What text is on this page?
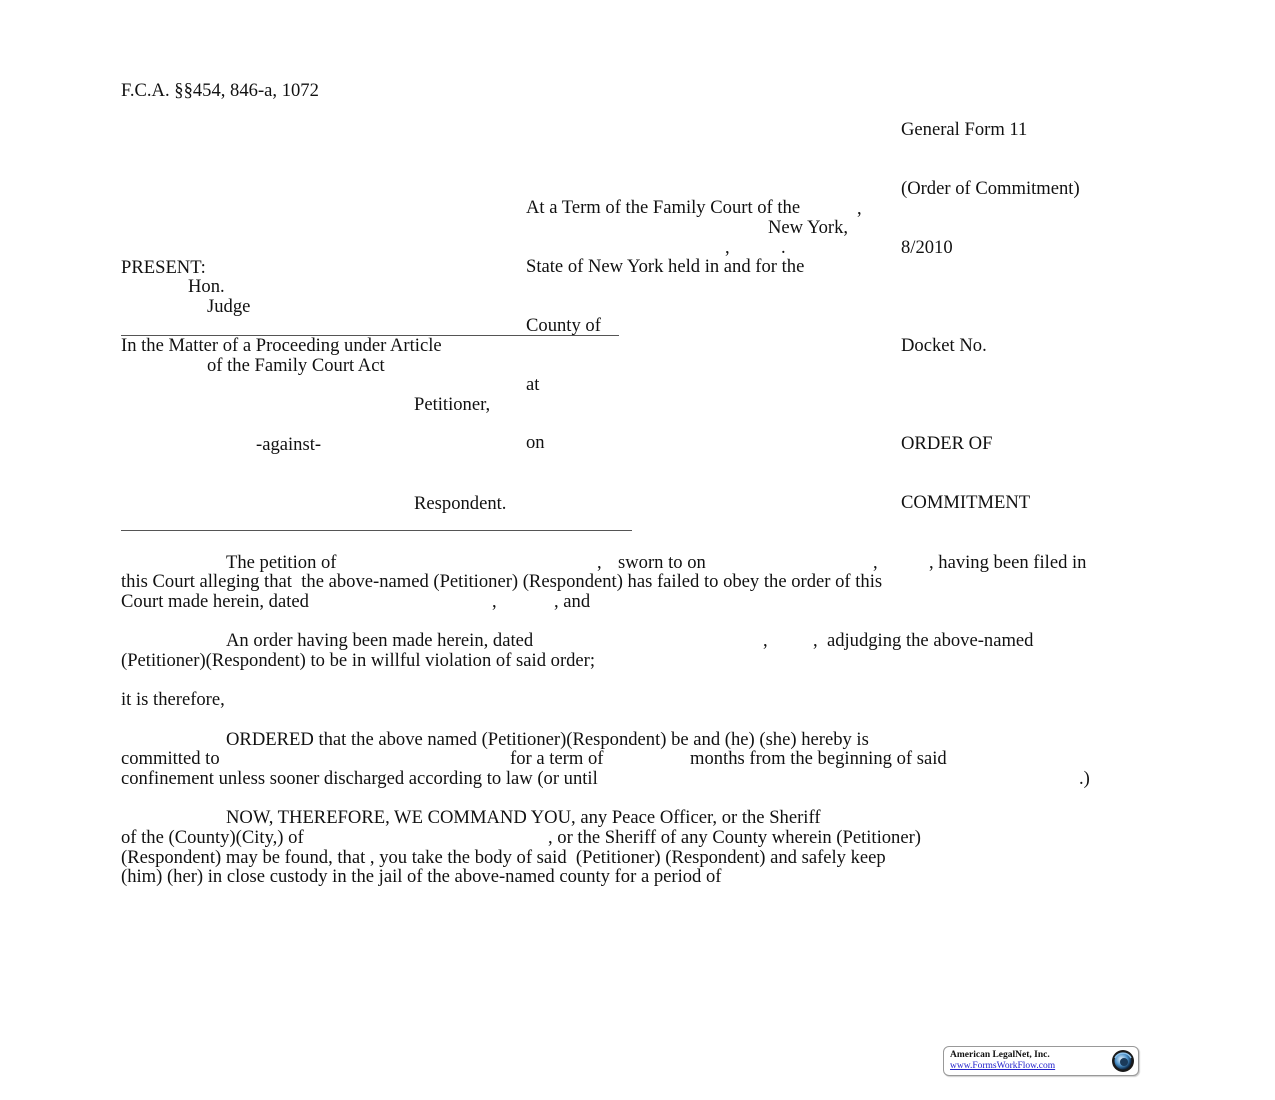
F.C.A. §§454, 846-a, 1072

General Form 11

(Order of Commitment)

8/2010

At a Term of the Family Court of the

State of New York held in and for the

County of

at

on

,
New York,
,	.
PRESENT:
Hon.
Judge
In the Matter of a Proceeding under Article
of the Family Court Act
Petitioner,
-against-
Respondent.
Docket No.

ORDER OF

COMMITMENT

The petition of	, sworn to on	,	, having been filed in
this Court alleging that  the above-named (Petitioner) (Respondent) has failed to obey the order of this
Court made herein, dated	,	, and
An order having been made herein, dated	, ,  adjudging the above-named
(Petitioner)(Respondent) to be in willful violation of said order;
it is therefore,
ORDERED that the above named (Petitioner)(Respondent) be and (he) (she) hereby is
committed to	for a term of	months from the beginning of said
confinement unless sooner discharged according to law (or until	.)
NOW, THEREFORE, WE COMMAND YOU, any Peace Officer, or the Sheriff
of the (County)(City,) of	, or the Sheriff of any County wherein (Petitioner)
(Respondent) may be found, that , you take the body of said  (Petitioner) (Respondent) and safely keep
(him) (her) in close custody in the jail of the above-named county for a period of
American LegalNet, Inc.
www.FormsWorkFlow.com
